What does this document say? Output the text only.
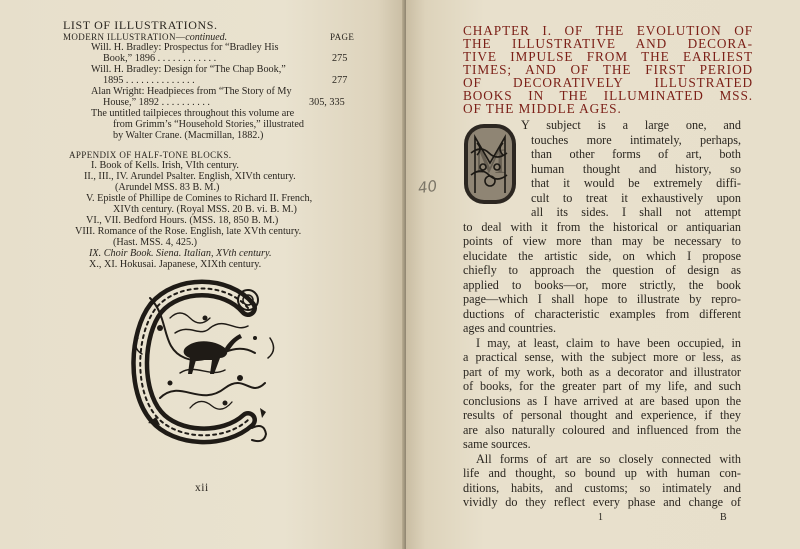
LIST OF ILLUSTRATIONS.
MODERN ILLUSTRATION—continued.	PAGE
Will. H. Bradley: Prospectus for “Bradley His
Book,” 1896 . . . . . . . . . . . .	275
Will. H. Bradley: Design for “The Chap Book,”
1895 . . . . . . . . . . . . . .	277
Alan Wright: Headpieces from “The Story of My
House,” 1892 . . . . . . . . . .	305, 335
The untitled tailpieces throughout this volume are
from Grimm’s “Household Stories,” illustrated
by Walter Crane. (Macmillan, 1882.)
APPENDIX OF HALF-TONE BLOCKS.
I. Book of Kells. Irish, VIth century.
II., III., IV. Arundel Psalter. English, XIVth century.
(Arundel MSS. 83 B. M.)
V. Epistle of Phillipe de Comines to Richard II. French,
XIVth century. (Royal MSS. 20 B. vi. B. M.)
VI., VII. Bedford Hours. (MSS. 18, 850 B. M.)
VIII. Romance of the Rose. English, late XVth century.
(Hast. MSS. 4, 425.)
IX. Choir Book. Siena. Italian, XVth century.
X., XI. Hokusai. Japanese, XIXth century.
xii
CHAPTER I. OF THE EVOLUTION OF
THE ILLUSTRATIVE AND DECORA-
TIVE IMPULSE FROM THE EARLIEST
TIMES; AND OF THE FIRST PERIOD
OF DECORATIVELY ILLUSTRATED
BOOKS IN THE ILLUMINATED MSS.
OF THE MIDDLE AGES.
M
40
Y subject is a large one, and
touches more intimately, perhaps,
than other forms of art, both
human thought and history, so
that it would be extremely diffi-
cult to treat it exhaustively upon
all its sides. I shall not attempt
to deal with it from the historical or antiquarian
points of view more than may be necessary to
elucidate the artistic side, on which I propose
chiefly to approach the question of design as
applied to books—or, more strictly, the book
page—which I shall hope to illustrate by repro-
ductions of characteristic examples from different
ages and countries.
I may, at least, claim to have been occupied, in
a practical sense, with the subject more or less, as
part of my work, both as a decorator and illustrator
of books, for the greater part of my life, and such
conclusions as I have arrived at are based upon the
results of personal thought and experience, if they
are also naturally coloured and influenced from the
same sources.
All forms of art are so closely connected with
life and thought, so bound up with human con-
ditions, habits, and customs; so intimately and
vividly do they reflect every phase and change of
1	B
